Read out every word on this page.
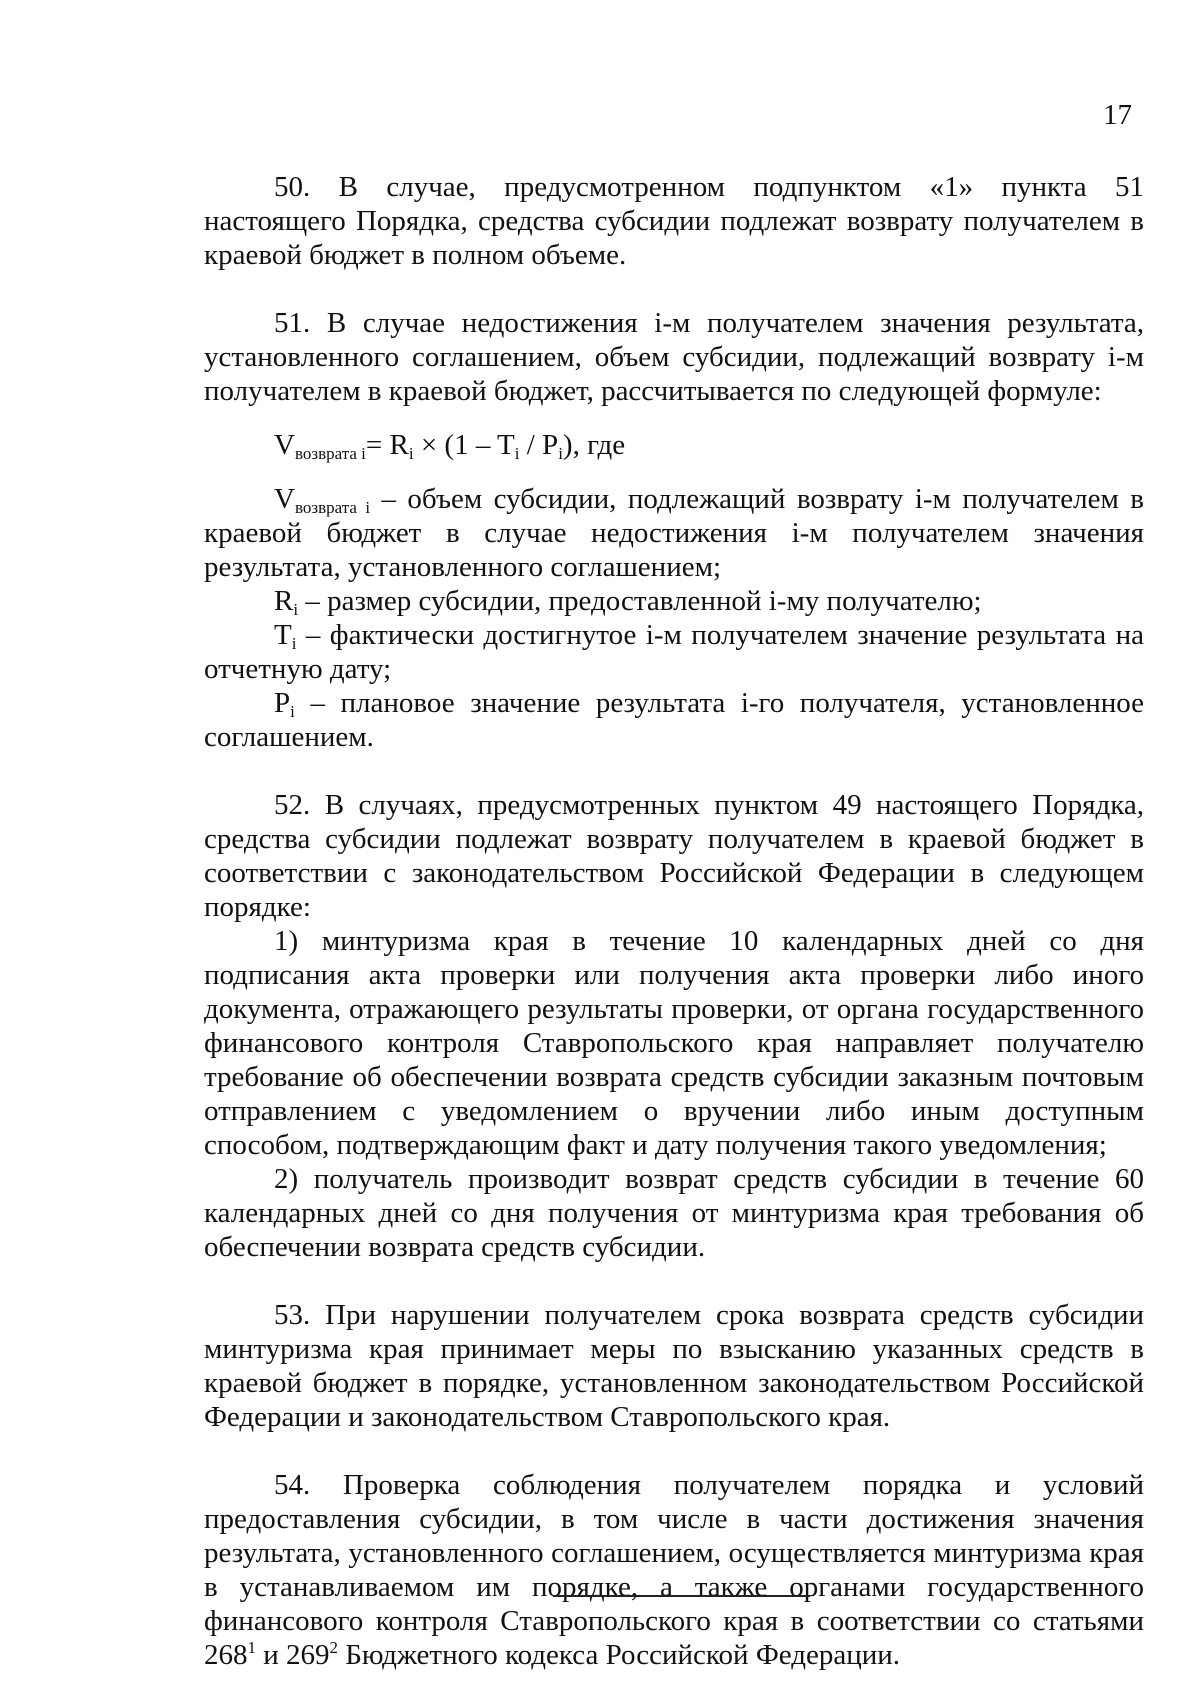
17

50. В случае, предусмотренном подпунктом «1» пункта 51 настоящего Порядка, средства субсидии подлежат возврату получателем в краевой бюджет в полном объеме.

51. В случае недостижения i-м получателем значения результата, установленного соглашением, объем субсидии, подлежащий возврату i-м получателем в краевой бюджет, рассчитывается по следующей формуле:

$V_{возврата i}= R_i \times (1 - T_i / P_i)$, где

$V_{возврата i}$ – объем субсидии, подлежащий возврату i-м получателем в краевой бюджет в случае недостижения i-м получателем значения результата, установленного соглашением;

$R_i$ – размер субсидии, предоставленной i-му получателю;

$T_i$ – фактически достигнутое i-м получателем значение результата на отчетную дату;

$P_i$ – плановое значение результата i-го получателя, установленное соглашением.

52. В случаях, предусмотренных пунктом 49 настоящего Порядка, средства субсидии подлежат возврату получателем в краевой бюджет в соответствии с законодательством Российской Федерации в следующем порядке:

1) минтуризма края в течение 10 календарных дней со дня подписания акта проверки или получения акта проверки либо иного документа, отражающего результаты проверки, от органа государственного финансового контроля Ставропольского края направляет получателю требование об обеспечении возврата средств субсидии заказным почтовым отправлением с уведомлением о вручении либо иным доступным способом, подтверждающим факт и дату получения такого уведомления;

2) получатель производит возврат средств субсидии в течение 60 календарных дней со дня получения от минтуризма края требования об обеспечении возврата средств субсидии.

53. При нарушении получателем срока возврата средств субсидии минтуризма края принимает меры по взысканию указанных средств в краевой бюджет в порядке, установленном законодательством Российской Федерации и законодательством Ставропольского края.

54. Проверка соблюдения получателем порядка и условий предоставления субсидии, в том числе в части достижения значения результата, установленного соглашением, осуществляется минтуризма края в устанавливаемом им порядке, а также органами государственного финансового контроля Ставропольского края в соответствии со статьями $268^1$ и $269^2$ Бюджетного кодекса Российской Федерации.
